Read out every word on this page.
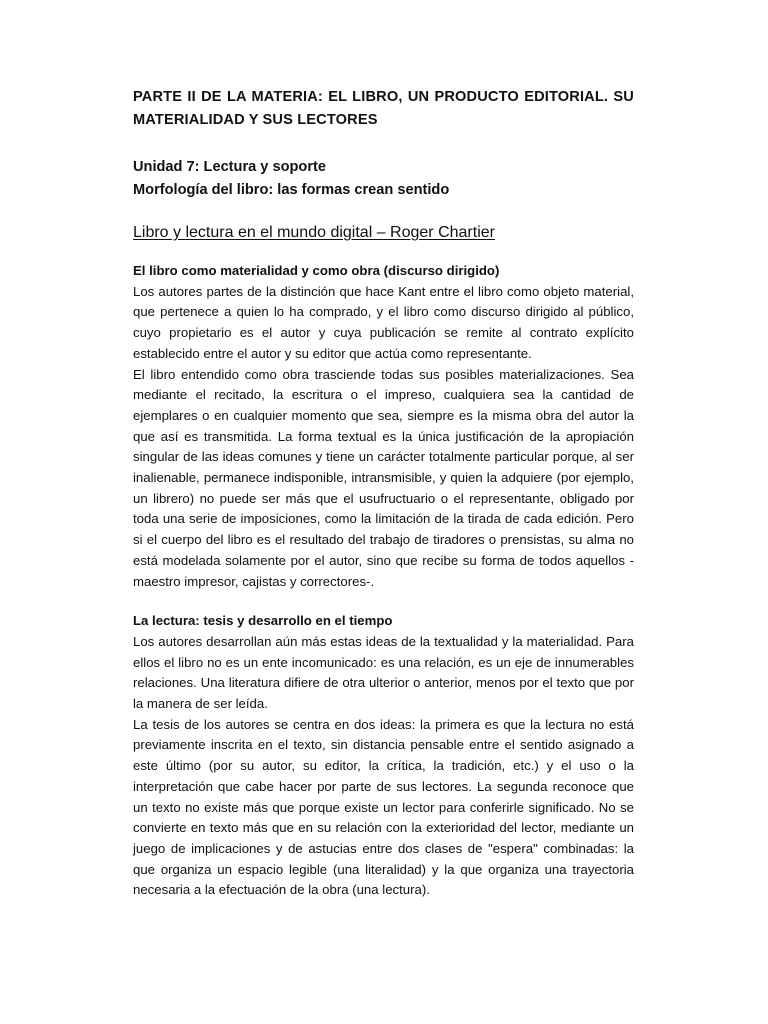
PARTE II DE LA MATERIA: EL LIBRO, UN PRODUCTO EDITORIAL. SU MATERIALIDAD Y SUS LECTORES

Unidad 7: Lectura y soporte

Morfología del libro: las formas crean sentido

Libro y lectura en el mundo digital – Roger Chartier

El libro como materialidad y como obra (discurso dirigido)

Los autores partes de la distinción que hace Kant entre el libro como objeto material, que pertenece a quien lo ha comprado, y el libro como discurso dirigido al público, cuyo propietario es el autor y cuya publicación se remite al contrato explícito establecido entre el autor y su editor que actúa como representante.

El libro entendido como obra trasciende todas sus posibles materializaciones. Sea mediante el recitado, la escritura o el impreso, cualquiera sea la cantidad de ejemplares o en cualquier momento que sea, siempre es la misma obra del autor la que así es transmitida. La forma textual es la única justificación de la apropiación singular de las ideas comunes y tiene un carácter totalmente particular porque, al ser inalienable, permanece indisponible, intransmisible, y quien la adquiere (por ejemplo, un librero) no puede ser más que el usufructuario o el representante, obligado por toda una serie de imposiciones, como la limitación de la tirada de cada edición. Pero si el cuerpo del libro es el resultado del trabajo de tiradores o prensistas, su alma no está modelada solamente por el autor, sino que recibe su forma de todos aquellos -maestro impresor, cajistas y correctores-.

La lectura: tesis y desarrollo en el tiempo

Los autores desarrollan aún más estas ideas de la textualidad y la materialidad. Para ellos el libro no es un ente incomunicado: es una relación, es un eje de innumerables relaciones. Una literatura difiere de otra ulterior o anterior, menos por el texto que por la manera de ser leída.

La tesis de los autores se centra en dos ideas: la primera es que la lectura no está previamente inscrita en el texto, sin distancia pensable entre el sentido asignado a este último (por su autor, su editor, la crítica, la tradición, etc.) y el uso o la interpretación que cabe hacer por parte de sus lectores. La segunda reconoce que un texto no existe más que porque existe un lector para conferirle significado. No se convierte en texto más que en su relación con la exterioridad del lector, mediante un juego de implicaciones y de astucias entre dos clases de "espera" combinadas: la que organiza un espacio legible (una literalidad) y la que organiza una trayectoria necesaria a la efectuación de la obra (una lectura).
